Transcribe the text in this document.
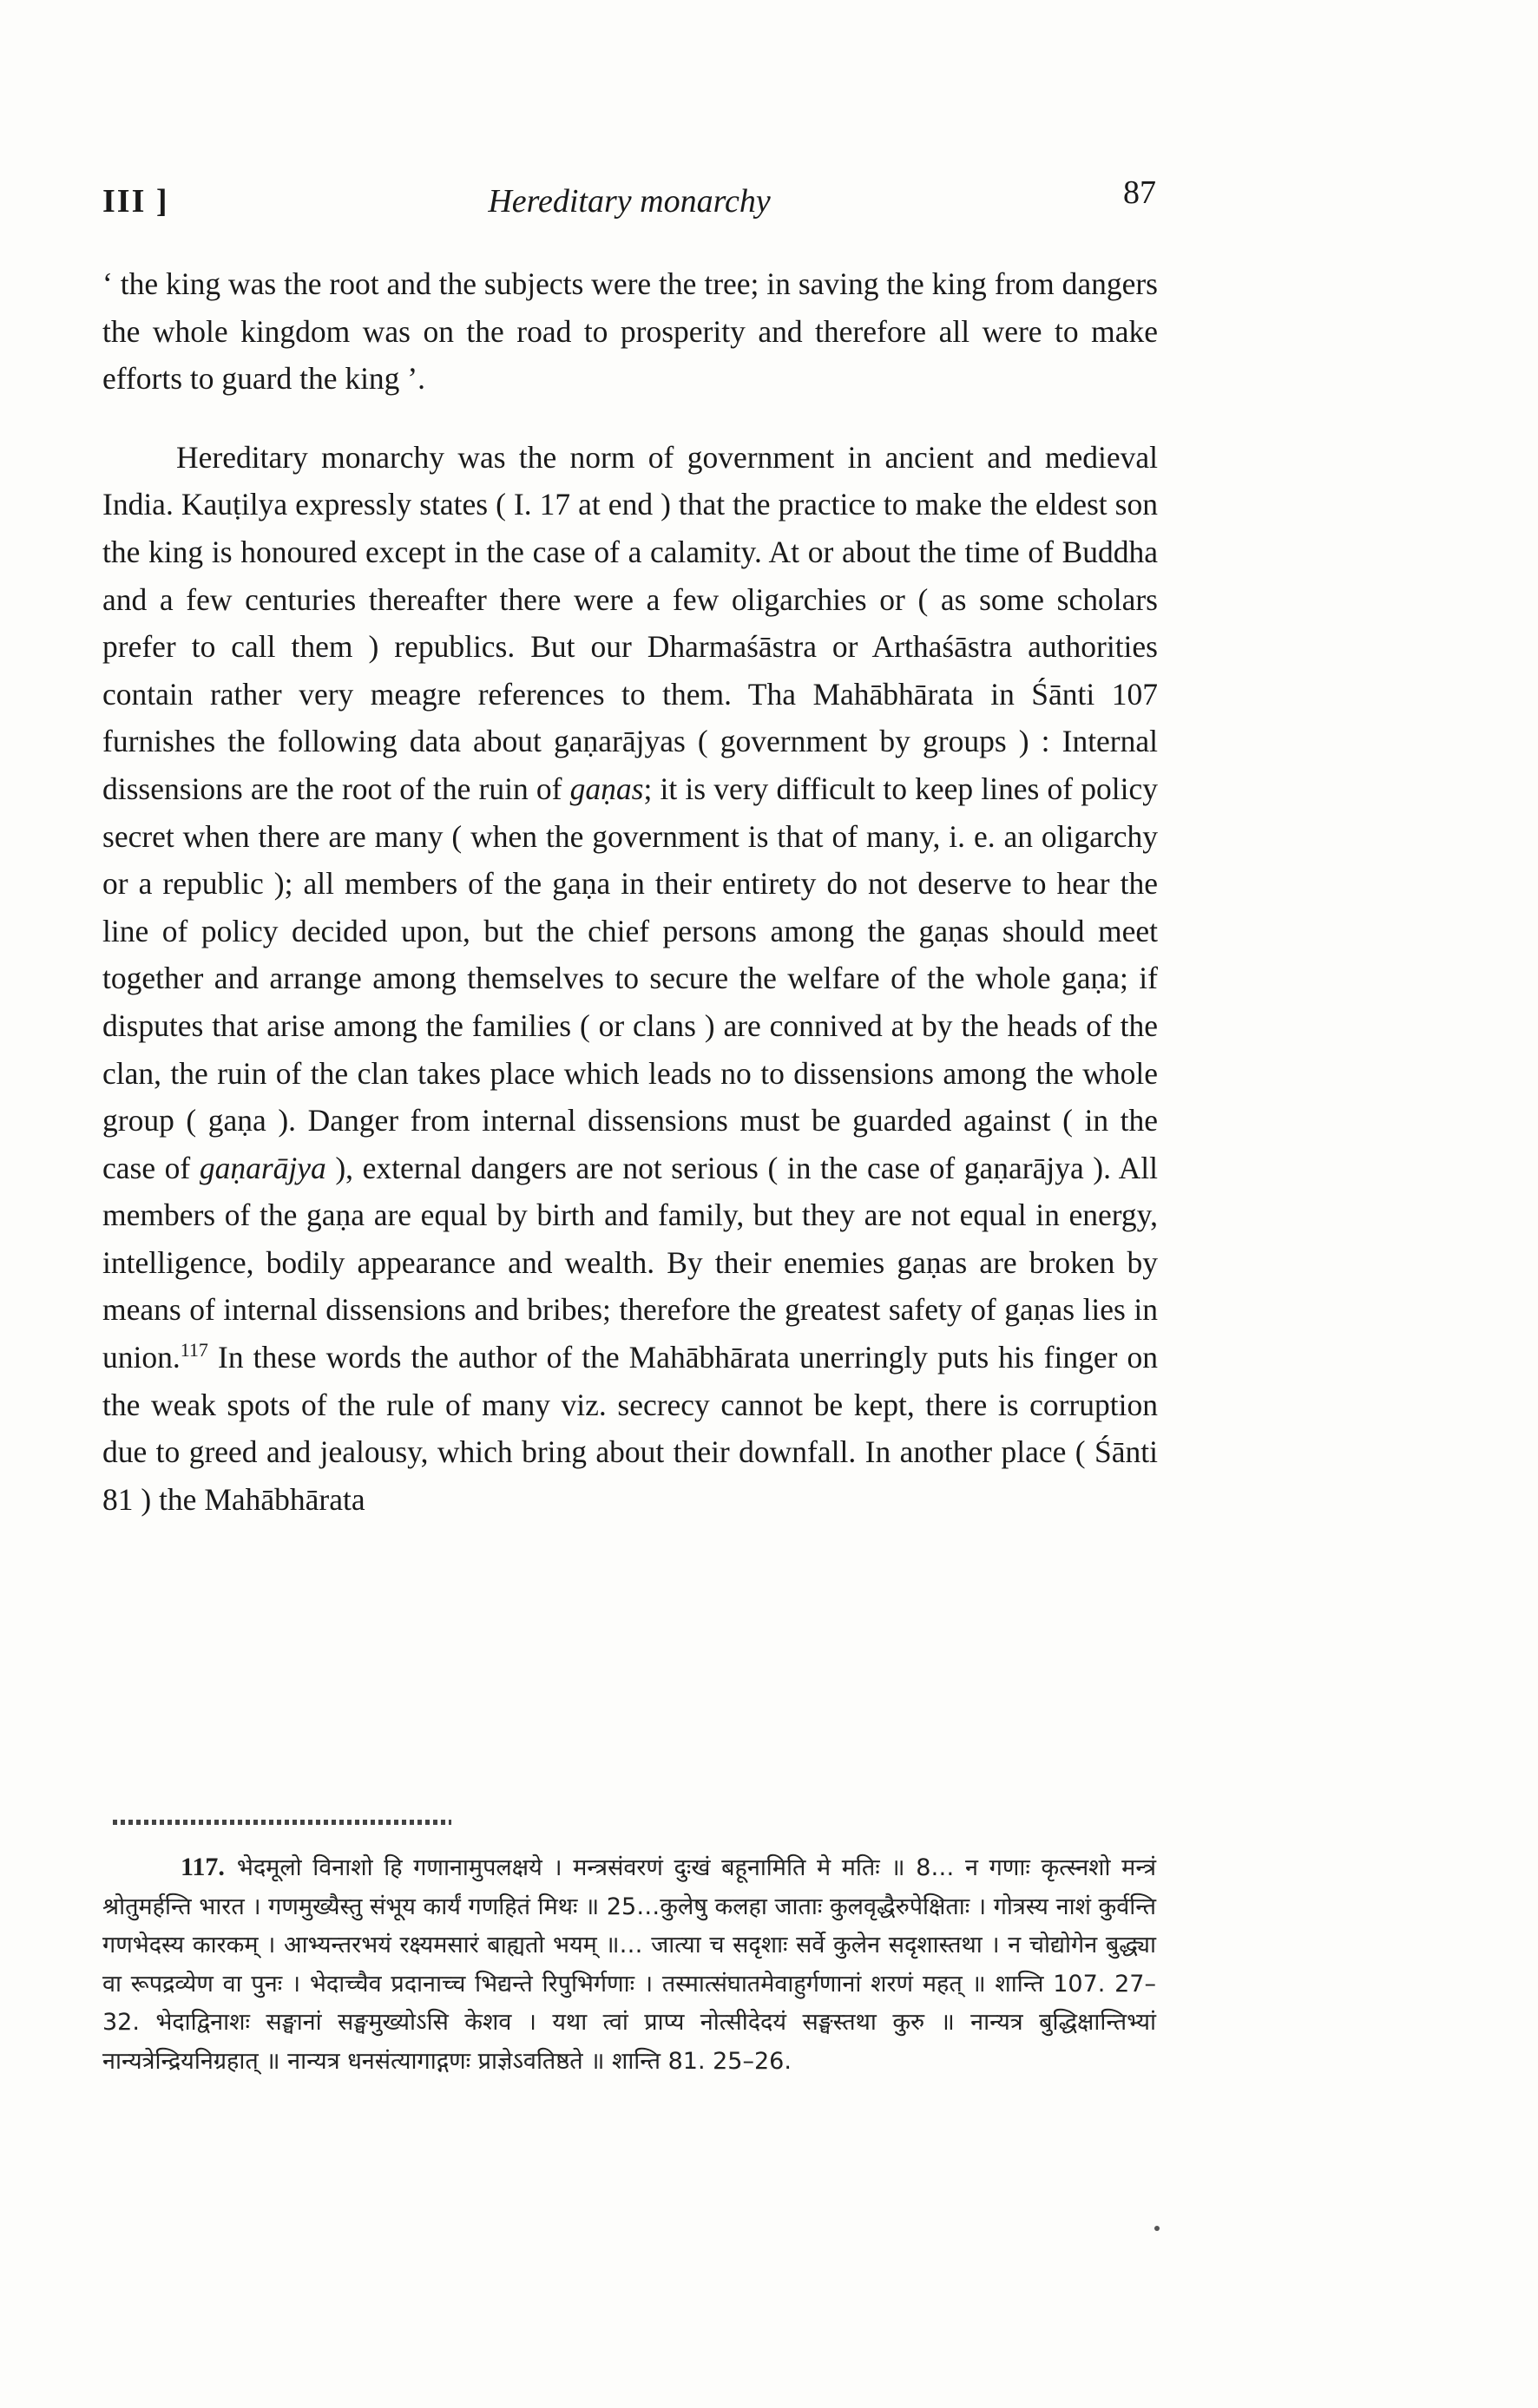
III ]	Hereditary monarchy	87

‘ the king was the root and the subjects were the tree; in saving the king from dangers the whole kingdom was on the road to prosperity and therefore all were to make efforts to guard the king ’.

Hereditary monarchy was the norm of government in ancient and medieval India. Kauṭilya expressly states ( I. 17 at end ) that the practice to make the eldest son the king is honoured except in the case of a calamity. At or about the time of Buddha and a few centuries thereafter there were a few oligarchies or ( as some scholars prefer to call them ) republics. But our Dharmaśāstra or Arthaśāstra authorities contain rather very meagre references to them. Tha Mahābhārata in Śānti 107 furnishes the following data about gaṇarājyas ( government by groups ) : Internal dissensions are the root of the ruin of gaṇas; it is very difficult to keep lines of policy secret when there are many ( when the government is that of many, i. e. an oligarchy or a republic ); all members of the gaṇa in their entirety do not deserve to hear the line of policy decided upon, but the chief persons among the gaṇas should meet together and arrange among themselves to secure the welfare of the whole gaṇa; if disputes that arise among the families ( or clans ) are connived at by the heads of the clan, the ruin of the clan takes place which leads no to dissensions among the whole group ( gaṇa ). Danger from internal dissensions must be guarded against ( in the case of gaṇarājya ), external dangers are not serious ( in the case of gaṇarājya ). All members of the gaṇa are equal by birth and family, but they are not equal in energy, intelligence, bodily appearance and wealth. By their enemies gaṇas are broken by means of internal dissensions and bribes; therefore the greatest safety of gaṇas lies in union.$^{117}$ In these words the author of the Mahābhārata unerringly puts his finger on the weak spots of the rule of many viz. secrecy cannot be kept, there is corruption due to greed and jealousy, which bring about their downfall. In another place ( Śānti 81 ) the Mahābhārata

117. भेदमूलो विनाशो हि गणानामुपलक्षये । मन्त्रसंवरणं दुःखं बहूनामिति मे मतिः ॥ 8… न गणाः कृत्स्नशो मन्त्रं श्रोतुमर्हन्ति भारत । गणमुख्यैस्तु संभूय कार्यं गणहितं मिथः ॥ 25…कुलेषु कलहा जाताः कुलवृद्धैरुपेक्षिताः । गोत्रस्य नाशं कुर्वन्ति गणभेदस्य कारकम् । आभ्यन्तरभयं रक्ष्यमसारं बाह्यतो भयम् ॥… जात्या च सदृशाः सर्वे कुलेन सदृशास्तथा । न चोद्योगेन बुद्ध्या वा रूपद्रव्येण वा पुनः । भेदाच्चैव प्रदानाच्च भिद्यन्ते रिपुभिर्गणाः । तस्मात्संघातमेवाहुर्गणानां शरणं महत् ॥ शान्ति 107. 27–32. भेदाद्विनाशः सङ्घानां सङ्घमुख्योऽसि केशव । यथा त्वां प्राप्य नोत्सीदेदयं सङ्घस्तथा कुरु ॥ नान्यत्र बुद्धिक्षान्तिभ्यां नान्यत्रेन्द्रियनिग्रहात् ॥ नान्यत्र धनसंत्यागाद्गणः प्राज्ञेऽवतिष्ठते ॥ शान्ति 81. 25–26.
